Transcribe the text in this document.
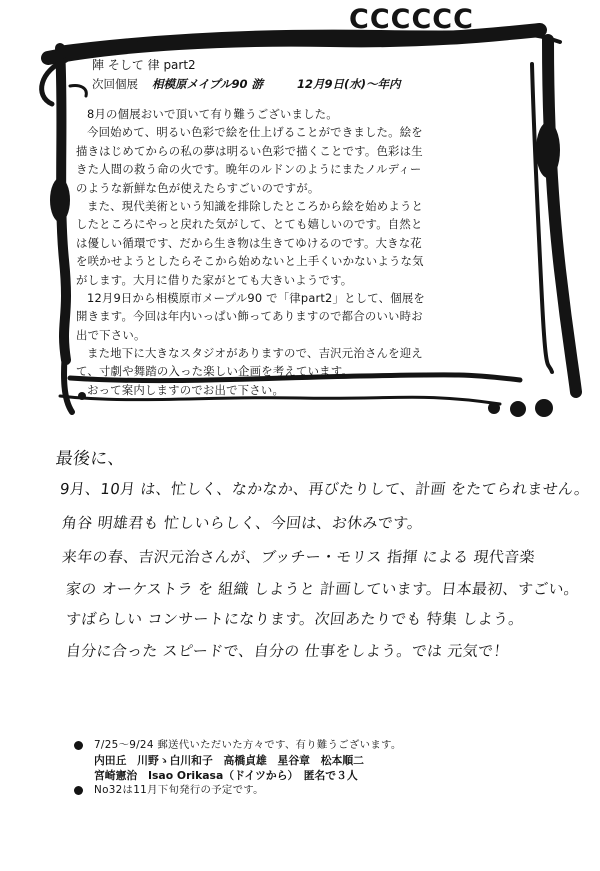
CCCCCC

陣 そして 律 part2

次回個展 相模原メイプル90 游	12月9日(水)〜年内

8月の個展おいで頂いて有り難うございました。
今回始めて、明るい色彩で絵を仕上げることができました。絵を
描きはじめてからの私の夢は明るい色彩で描くことです。色彩は生
きた人間の救う命の火です。晩年のルドンのようにまたノルディー
のような新鮮な色が使えたらすごいのですが。
また、現代美術という知識を排除したところから絵を始めようと
したところにやっと戻れた気がして、とても嬉しいのです。自然と
は優しい循環です、だから生き物は生きてゆけるのです。大きな花
を咲かせようとしたらそこから始めないと上手くいかないような気
がします。大月に借りた家がとても大きいようです。
12月9日から相模原市メープル90 で「律part2」として、個展を
開きます。今回は年内いっぱい飾ってありますので都合のいい時お
出で下さい。
また地下に大きなスタジオがありますので、吉沢元治さんを迎え
て、寸劇や舞踏の入った楽しい企画を考えています。
おって案内しますのでお出で下さい。
最後に、
9月、10月 は、忙しく、なかなか、再びたりして、計画 をたてられません。
角谷 明雄君も 忙しいらしく、今回は、お休みです。
来年の春、吉沢元治さんが、ブッチー・モリス 指揮 による 現代音楽
家の オーケストラ を 組織 しようと 計画しています。日本最初、すごい。
すばらしい コンサートになります。次回あたりでも 特集 しよう。
自分に合った スピードで、自分の 仕事をしよう。では 元気で！
7/25〜9/24 郵送代いただいた方々です、有り難うございます。
内田丘　川野ゝ白川和子　高橋貞雄　星谷章　松本順二
宮崎憲治　Isao Orikasa（ドイツから）　匿名で３人
No32は11月下旬発行の予定です。
